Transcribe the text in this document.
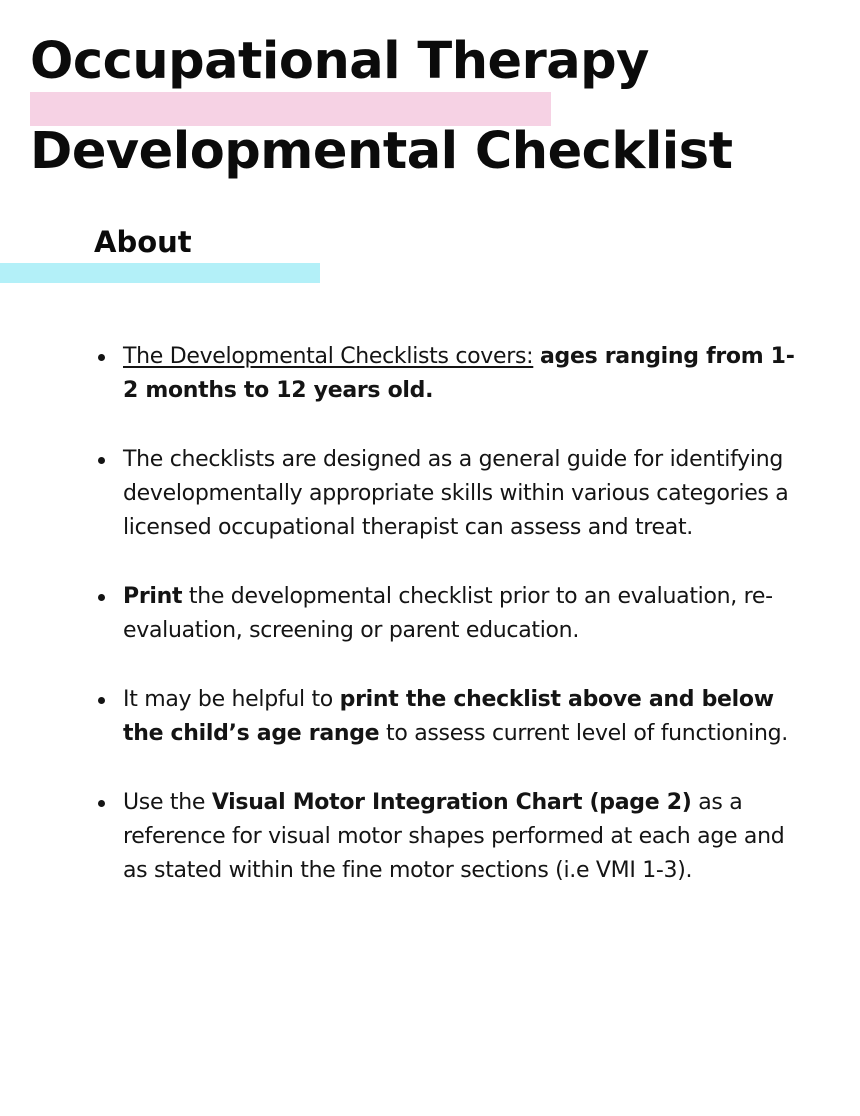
Occupational Therapy
Developmental Checklist
About
The Developmental Checklists covers: ages ranging from 1-2 months to 12 years old.
The checklists are designed as a general guide for identifying developmentally appropriate skills within various categories a licensed occupational therapist can assess and treat.
Print the developmental checklist prior to an evaluation, re-evaluation, screening or parent education.
It may be helpful to print the checklist above and below the child’s age range to assess current level of functioning.
Use the Visual Motor Integration Chart (page 2) as a reference for visual motor shapes performed at each age and as stated within the fine motor sections (i.e VMI 1-3).
